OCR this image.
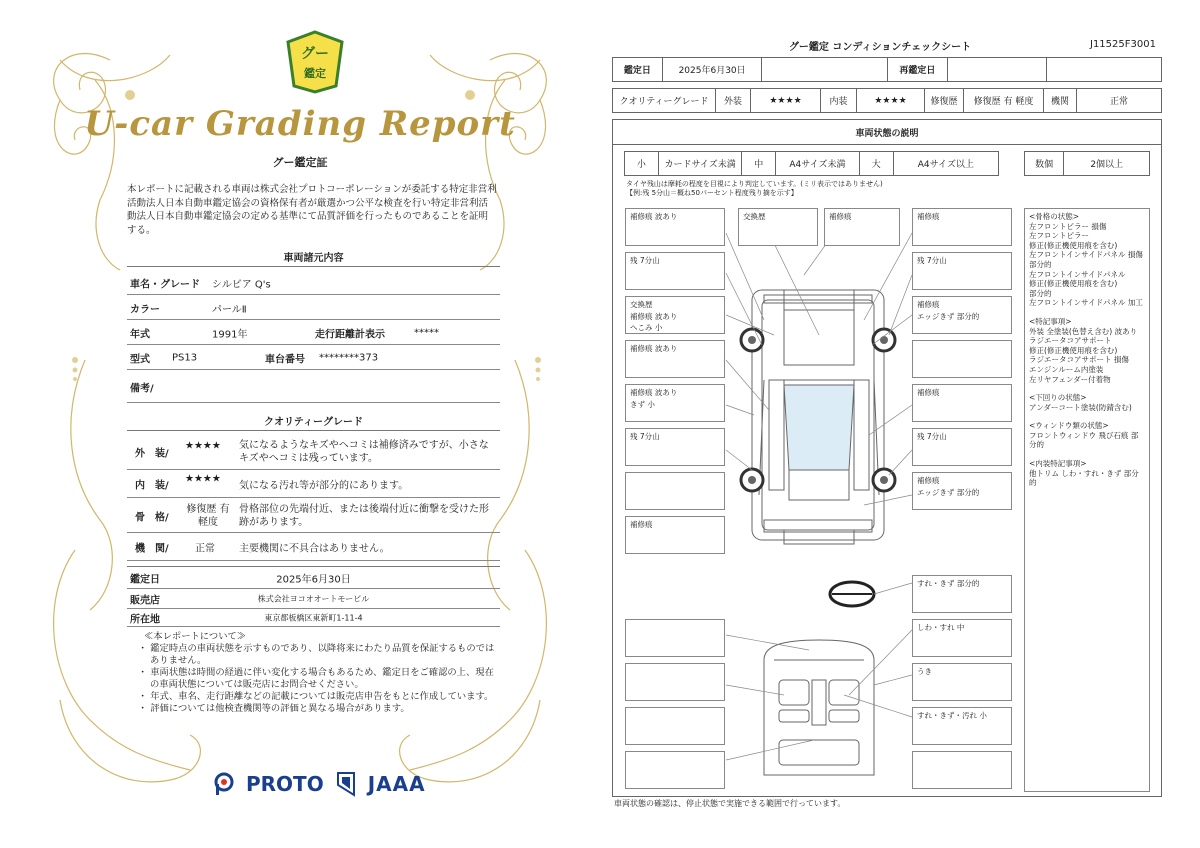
グー
鑑定
U-car Grading Report
グー鑑定証
本レポートに記載される車両は株式会社プロトコーポレーションが委託する特定非営利活動法人日本自動車鑑定協会の資格保有者が厳選かつ公平な検査を行い特定非営利活動法人日本自動車鑑定協会の定める基準にて品質評価を行ったものであることを証明する。
車両諸元内容
車名・グレード シルビア Q's
カラー	パールⅡ
年式	1991年	走行距離計表示	*****
型式 PS13	車台番号 ********373
備考/
クオリティーグレード
外　装/
★★★★ 気になるようなキズやヘコミは補修済みですが、小さなキズやヘコミは残っています。
内　装/
★★★★
気になる汚れ等が部分的にあります。
骨　格/
修復歴 有
軽度
骨格部位の先端付近、または後端付近に衝撃を受けた形跡があります。
機　関/	正常 主要機関に不具合はありません。
鑑定日	2025年6月30日
販売店	株式会社ヨコオオートモービル
所在地	東京都板橋区東新町1-11-4
≪本レポートについて≫
・ 鑑定時点の車両状態を示すものであり、以降将来にわたり品質を保証するものではありません。
・ 車両状態は時間の経過に伴い変化する場合もあるため、鑑定日をご確認の上、現在の車両状態については販売店にお問合せください。
・ 年式、車名、走行距離などの記載については販売店申告をもとに作成しています。
・ 評価については他検査機関等の評価と異なる場合があります。
PROTO JAAA
グー鑑定 コンディションチェックシート	J11525F3001
鑑定日	2025年6月30日	再鑑定日
クオリティーグレード	外装	★★★★	内装	★★★★	修復歴	修復歴 有 軽度	機関	正常
車両状態の説明
小	カードサイズ未満	中	A4サイズ未満	大	A4サイズ以上	数個	2個以上
タイヤ残山は摩耗の程度を目視により判定しています。(ミリ表示ではありません)
【例:残 5分山＝概ね50パーセント程度残り摘を示す】
補修痕 波あり
残 7分山
交換歴
補修痕 波あり
へこみ 小
補修痕 波あり
補修痕 波あり
きず 小
残 7分山
補修痕
交換歴	補修痕	補修痕
残 7分山
補修痕
エッジきず 部分的
補修痕
残 7分山
補修痕
エッジきず 部分的
すれ・きず 部分的
しわ・すれ 中
うき
すれ・きず・汚れ 小
<骨格の状態>
左フロントピラー 損傷
左フロントピラー
修正(修正機使用痕を含む)
左フロントインサイドパネル 損傷
部分的
左フロントインサイドパネル
修正(修正機使用痕を含む)
部分的
左フロントインサイドパネル 加工
<特記事項>
外装 全塗装(色替え含む) 波あり
ラジエータコアサポート
修正(修正機使用痕を含む)
ラジエータコアサポート 損傷
エンジンルーム内塗装
左リヤフェンダー付着物
<下回りの状態>
アンダーコート塗装(防錆含む)
<ウィンドウ類の状態>
フロントウィンドウ 飛び石痕 部分的
<内装特記事項>
他トリム しわ・すれ・きず 部分的
車両状態の確認は、停止状態で実施できる範囲で行っています。
